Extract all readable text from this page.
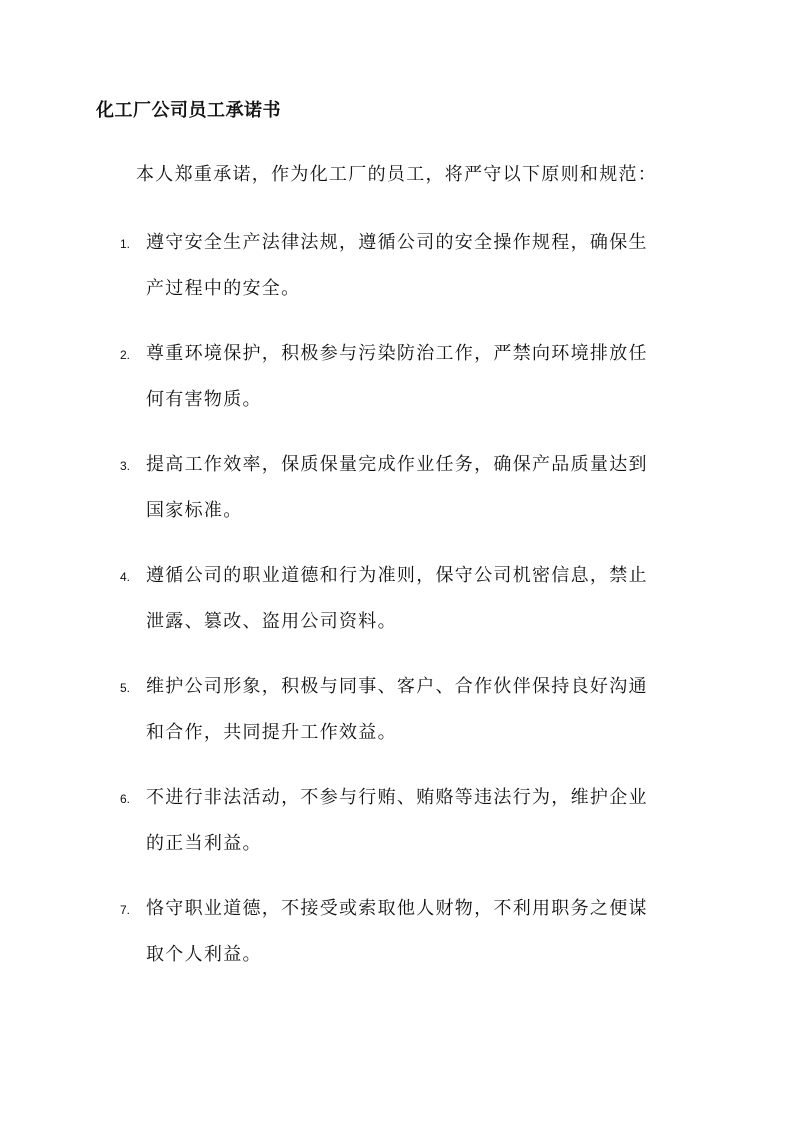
化工厂公司员工承诺书
本人郑重承诺，作为化工厂的员工，将严守以下原则和规范：
1. 遵守安全生产法律法规，遵循公司的安全操作规程，确保生
产过程中的安全。
2. 尊重环境保护，积极参与污染防治工作，严禁向环境排放任
何有害物质。
3. 提高工作效率，保质保量完成作业任务，确保产品质量达到
国家标准。
4. 遵循公司的职业道德和行为准则，保守公司机密信息，禁止
泄露、篡改、盗用公司资料。
5. 维护公司形象，积极与同事、客户、合作伙伴保持良好沟通
和合作，共同提升工作效益。
6. 不进行非法活动，不参与行贿、贿赂等违法行为，维护企业
的正当利益。
7. 恪守职业道德，不接受或索取他人财物，不利用职务之便谋
取个人利益。
